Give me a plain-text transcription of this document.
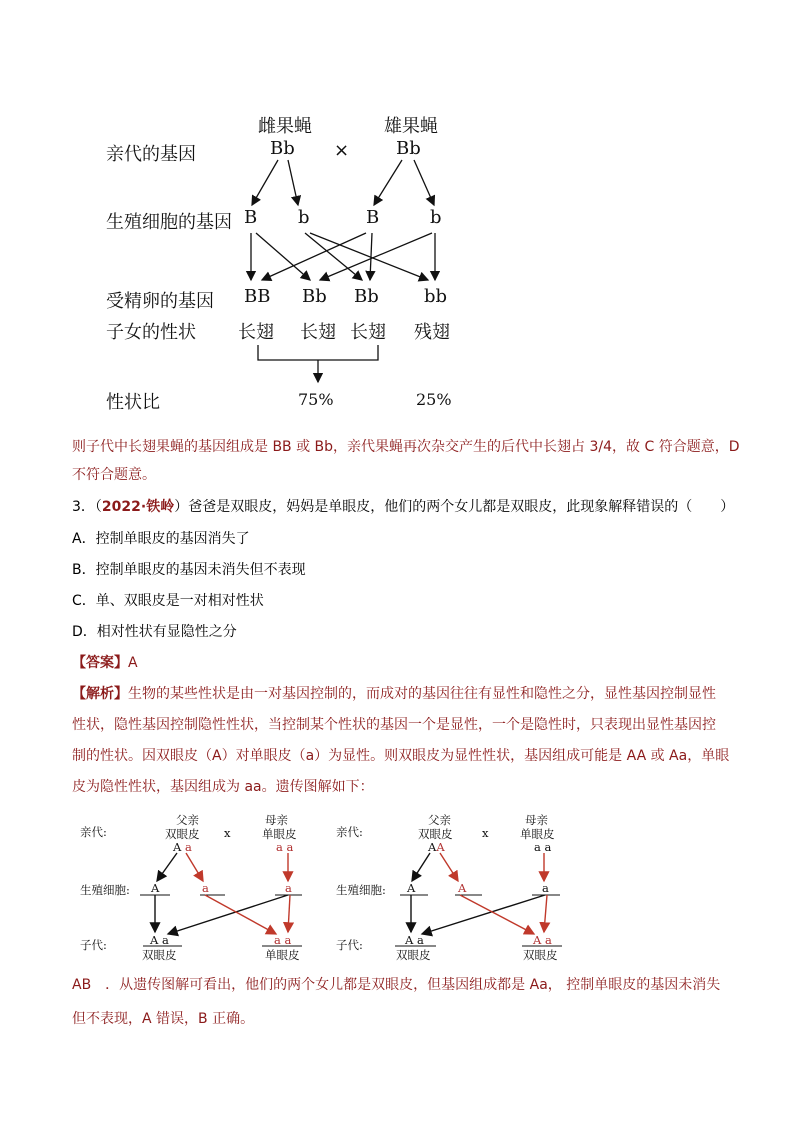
雌果蝇	雄果蝇
亲代的基因	Bb ×	Bb
生殖细胞的基因 B b	B	b
受精卵的基因 BB Bb Bb	bb
子女的性状 长翅 长翅 长翅 残翅
性状比	75%	25%
则子代中长翅果蝇的基因组成是 BB 或 Bb，亲代果蝇再次杂交产生的后代中长翅占 3/4，故 C 符合题意，D
不符合题意。
3．（2022·铁岭）爸爸是双眼皮，妈妈是单眼皮，他们的两个女儿都是双眼皮，此现象解释错误的（　　）
A．控制单眼皮的基因消失了
B．控制单眼皮的基因未消失但不表现
C．单、双眼皮是一对相对性状
D．相对性状有显隐性之分
【答案】A
【解析】生物的某些性状是由一对基因控制的，而成对的基因往往有显性和隐性之分，显性基因控制显性
性状，隐性基因控制隐性性状，当控制某个性状的基因一个是显性，一个是隐性时，只表现出显性基因控
制的性状。因双眼皮（A）对单眼皮（a）为显性。则双眼皮为显性性状，基因组成可能是 AA 或 Aa，单眼
皮为隐性性状，基因组成为 aa。遗传图解如下：
亲代:
父亲
双眼皮 x
母亲
单眼皮
A a	a a
生殖细胞: A	a	a
子代:	A a
双眼皮
a a
单眼皮
亲代:
父亲
双眼皮	x
母亲
单眼皮
AA	a a
生殖细胞: A	A	a
子代:	A a
双眼皮
A a
双眼皮
AB　．从遗传图解可看出，他们的两个女儿都是双眼皮，但基因组成都是 Aa， 控制单眼皮的基因未消失
但不表现，A 错误，B 正确。
